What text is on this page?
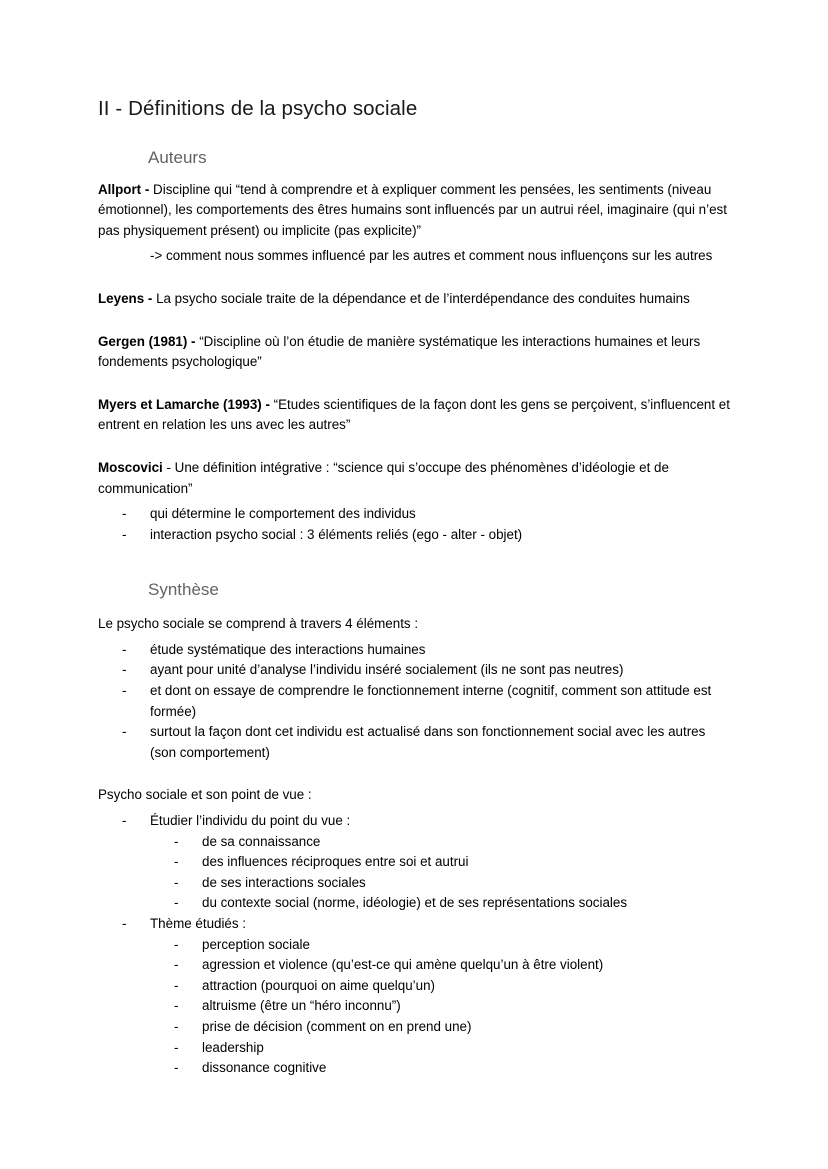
II - Définitions de la psycho sociale
Auteurs

Allport - Discipline qui “tend à comprendre et à expliquer comment les pensées, les sentiments (niveau émotionnel), les comportements des êtres humains sont influencés par un autrui réel, imaginaire (qui n’est pas physiquement présent) ou implicite (pas explicite)”

-> comment nous sommes influencé par les autres et comment nous influençons sur les autres

Leyens - La psycho sociale traite de la dépendance et de l’interdépendance des conduites humains

Gergen (1981) - “Discipline où l’on étudie de manière systématique les interactions humaines et leurs fondements psychologique”

Myers et Lamarche (1993) - “Etudes scientifiques de la façon dont les gens se perçoivent, s’influencent et entrent en relation les uns avec les autres”

Moscovici - Une définition intégrative : “science qui s’occupe des phénomènes d’idéologie et de communication”

- qui détermine le comportement des individus
- interaction psycho social : 3 éléments reliés (ego - alter - objet)
Synthèse

Le psycho sociale se comprend à travers 4 éléments :

- étude systématique des interactions humaines
- ayant pour unité d’analyse l’individu inséré socialement (ils ne sont pas neutres)
- et dont on essaye de comprendre le fonctionnement interne (cognitif, comment son attitude est formée)
- surtout la façon dont cet individu est actualisé dans son fonctionnement social avec les autres (son comportement)

Psycho sociale et son point de vue :

- Étudier l’individu du point du vue :
- de sa connaissance
- des influences réciproques entre soi et autrui
- de ses interactions sociales
- du contexte social (norme, idéologie) et de ses représentations sociales
- Thème étudiés :
- perception sociale
- agression et violence (qu’est-ce qui amène quelqu’un à être violent)
- attraction (pourquoi on aime quelqu’un)
- altruisme (être un “héro inconnu”)
- prise de décision (comment on en prend une)
- leadership
- dissonance cognitive
